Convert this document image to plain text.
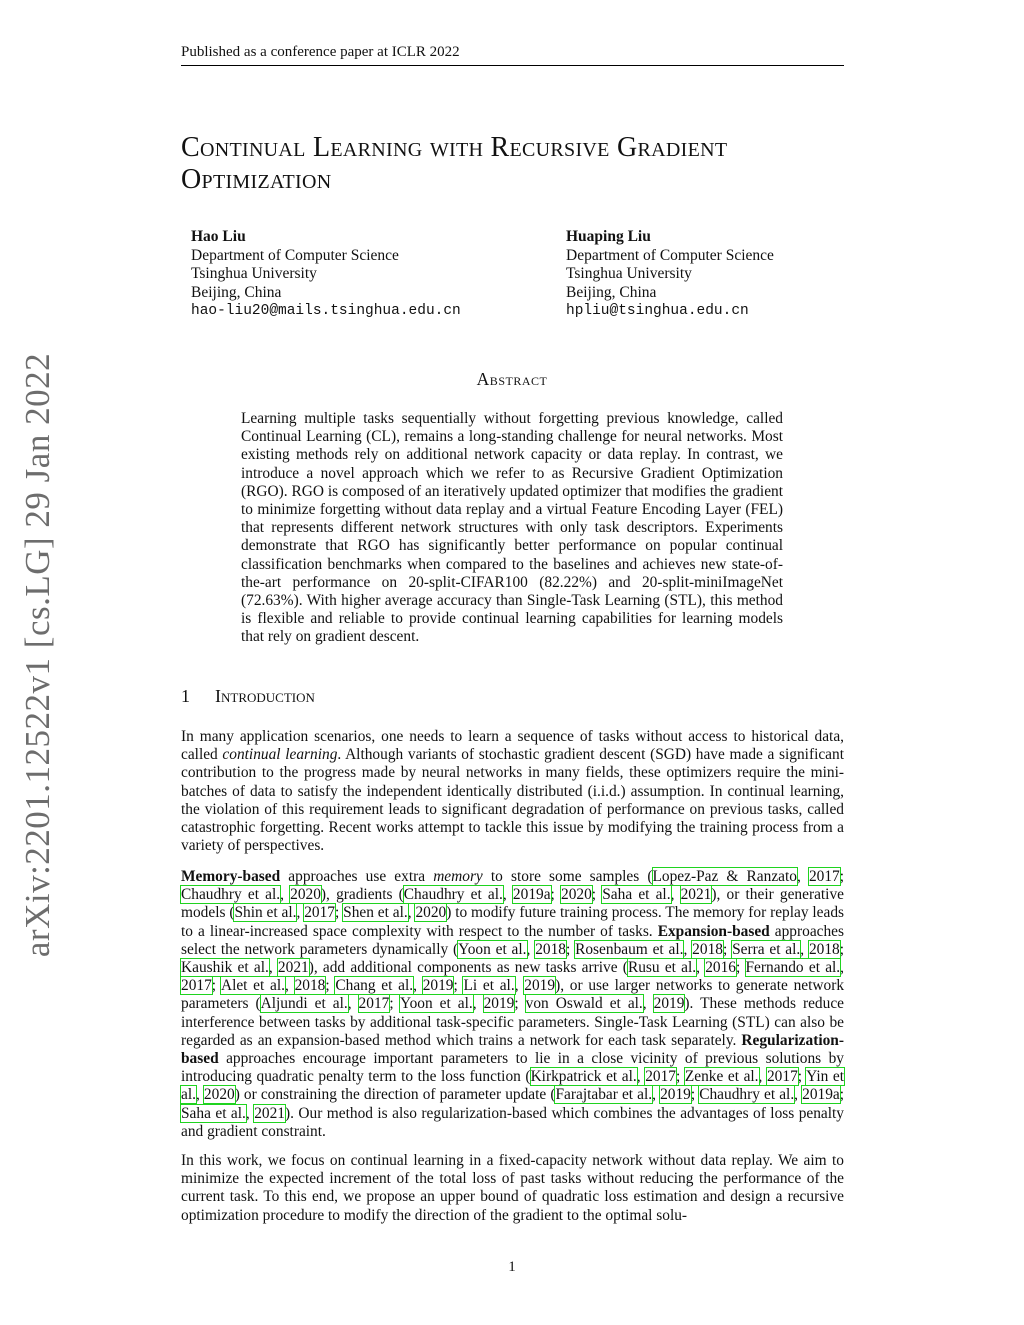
Published as a conference paper at ICLR 2022
Continual Learning with Recursive Gradient
Optimization
Hao Liu
Department of Computer Science
Tsinghua University
Beijing, China
hao-liu20@mails.tsinghua.edu.cn
Huaping Liu
Department of Computer Science
Tsinghua University
Beijing, China
hpliu@tsinghua.edu.cn
arXiv:2201.12522v1 [cs.LG] 29 Jan 2022	Abstract
Learning multiple tasks sequentially without forgetting previous knowledge, called Continual Learning (CL), remains a long-standing challenge for neural networks. Most existing methods rely on additional network capacity or data replay. In contrast, we introduce a novel approach which we refer to as Recursive Gradient Optimization (RGO). RGO is composed of an iteratively updated optimizer that modifies the gradient to minimize forgetting without data replay and a virtual Feature Encoding Layer (FEL) that represents different network structures with only task descriptors. Experiments demonstrate that RGO has significantly better performance on popular continual classification benchmarks when compared to the baselines and achieves new state-of-the-art performance on 20-split-CIFAR100 (82.22%) and 20-split-miniImageNet (72.63%). With higher average accuracy than Single-Task Learning (STL), this method is flexible and reliable to provide continual learning capabilities for learning models that rely on gradient descent.
1 Introduction
In many application scenarios, one needs to learn a sequence of tasks without access to historical data, called continual learning. Although variants of stochastic gradient descent (SGD) have made a significant contribution to the progress made by neural networks in many fields, these optimizers require the mini-batches of data to satisfy the independent identically distributed (i.i.d.) assumption. In continual learning, the violation of this requirement leads to significant degradation of performance on previous tasks, called catastrophic forgetting. Recent works attempt to tackle this issue by modifying the training process from a variety of perspectives.
Memory-based approaches use extra memory to store some samples (Lopez-Paz & Ranzato, 2017; Chaudhry et al., 2020), gradients (Chaudhry et al., 2019a; 2020; Saha et al., 2021), or their generative models (Shin et al., 2017; Shen et al., 2020) to modify future training process. The memory for replay leads to a linear-increased space complexity with respect to the number of tasks. Expansion-based approaches select the network parameters dynamically (Yoon et al., 2018; Rosenbaum et al., 2018; Serra et al., 2018; Kaushik et al., 2021), add additional components as new tasks arrive (Rusu et al., 2016; Fernando et al., 2017; Alet et al., 2018; Chang et al., 2019; Li et al., 2019), or use larger networks to generate network parameters (Aljundi et al., 2017; Yoon et al., 2019; von Oswald et al., 2019). These methods reduce interference between tasks by additional task-specific parameters. Single-Task Learning (STL) can also be regarded as an expansion-based method which trains a network for each task separately. Regularization-based approaches encourage important parameters to lie in a close vicinity of previous solutions by introducing quadratic penalty term to the loss function (Kirkpatrick et al., 2017; Zenke et al., 2017; Yin et al., 2020) or constraining the direction of parameter update (Farajtabar et al., 2019; Chaudhry et al., 2019a; Saha et al., 2021). Our method is also regularization-based which combines the advantages of loss penalty and gradient constraint.
In this work, we focus on continual learning in a fixed-capacity network without data replay. We aim to minimize the expected increment of the total loss of past tasks without reducing the performance of the current task. To this end, we propose an upper bound of quadratic loss estimation and design a recursive optimization procedure to modify the direction of the gradient to the optimal solu-
1
